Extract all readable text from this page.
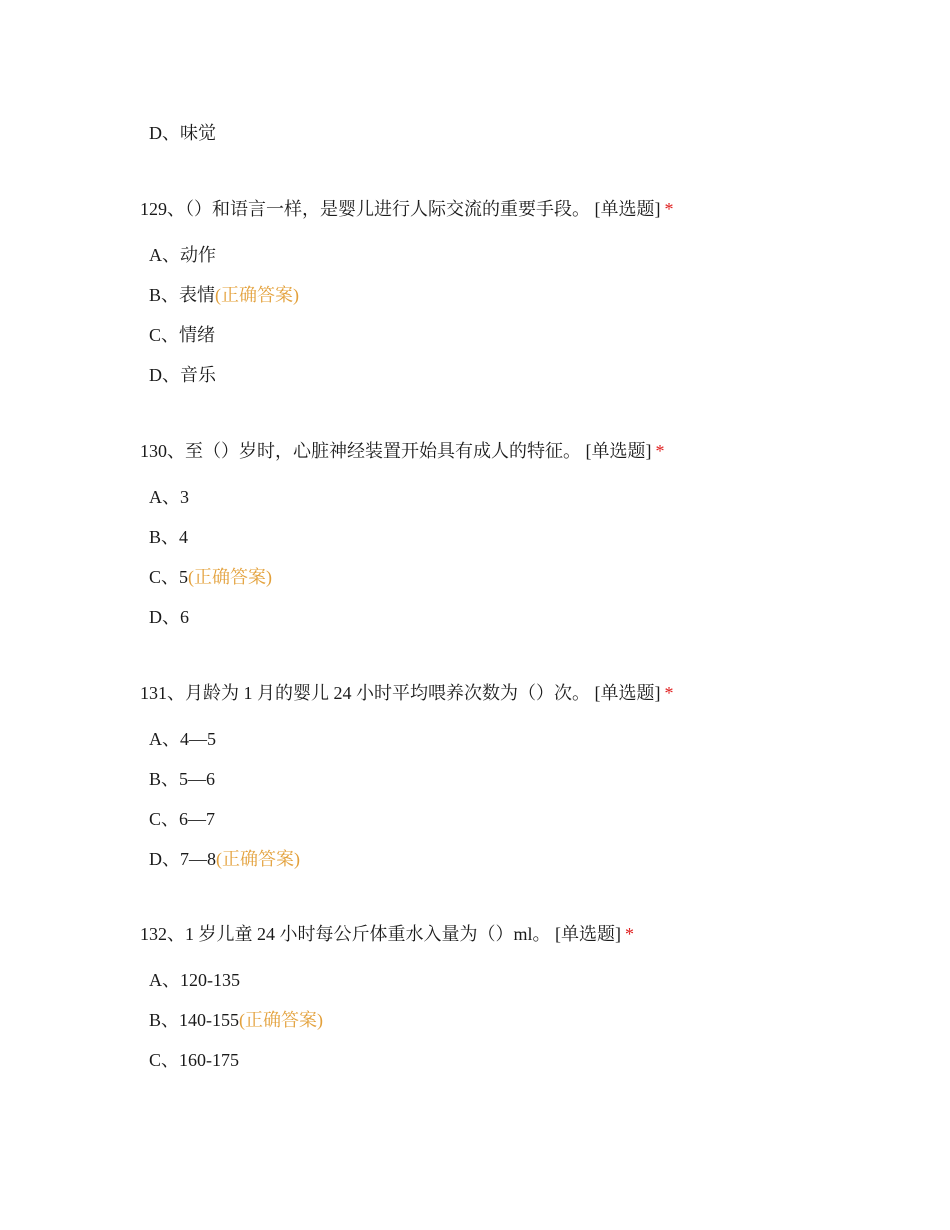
D、味觉
129、（）和语言一样，是婴儿进行人际交流的重要手段。 [单选题] *
A、动作
B、表情(正确答案)
C、情绪
D、音乐
130、至（）岁时，心脏神经装置开始具有成人的特征。 [单选题] *
A、3
B、4
C、5(正确答案)
D、6
131、月龄为 1 月的婴儿 24 小时平均喂养次数为（）次。 [单选题] *
A、4—5
B、5—6
C、6—7
D、7—8(正确答案)
132、1 岁儿童 24 小时每公斤体重水入量为（）ml。 [单选题] *
A、120-135
B、140-155(正确答案)
C、160-175
